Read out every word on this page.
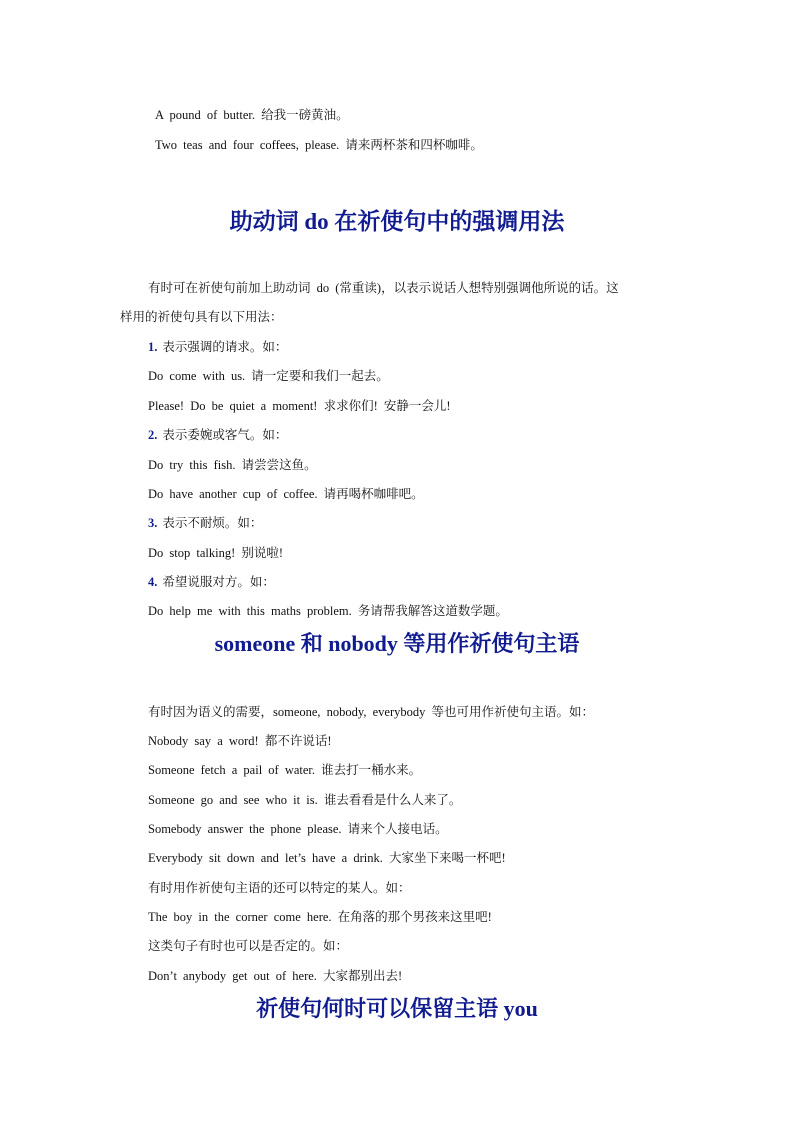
A pound of butter. 给我一磅黄油。
Two teas and four coffees, please. 请来两杯茶和四杯咖啡。
助动词 do 在祈使句中的强调用法
有时可在祈使句前加上助动词 do (常重读)，以表示说话人想特别强调他所说的话。这
样用的祈使句具有以下用法：
1. 表示强调的请求。如：
Do come with us. 请一定要和我们一起去。
Please! Do be quiet a moment! 求求你们! 安静一会儿!
2. 表示委婉或客气。如：
Do try this fish. 请尝尝这鱼。
Do have another cup of coffee. 请再喝杯咖啡吧。
3. 表示不耐烦。如：
Do stop talking! 别说啦!
4. 希望说服对方。如：
Do help me with this maths problem. 务请帮我解答这道数学题。
someone 和 nobody 等用作祈使句主语
有时因为语义的需要，someone, nobody, everybody 等也可用作祈使句主语。如：
Nobody say a word! 都不许说话!
Someone fetch a pail of water. 谁去打一桶水来。
Someone go and see who it is. 谁去看看是什么人来了。
Somebody answer the phone please. 请来个人接电话。
Everybody sit down and let’s have a drink. 大家坐下来喝一杯吧!
有时用作祈使句主语的还可以特定的某人。如：
The boy in the corner come here. 在角落的那个男孩来这里吧!
这类句子有时也可以是否定的。如：
Don’t anybody get out of here. 大家都别出去!
祈使句何时可以保留主语 you
